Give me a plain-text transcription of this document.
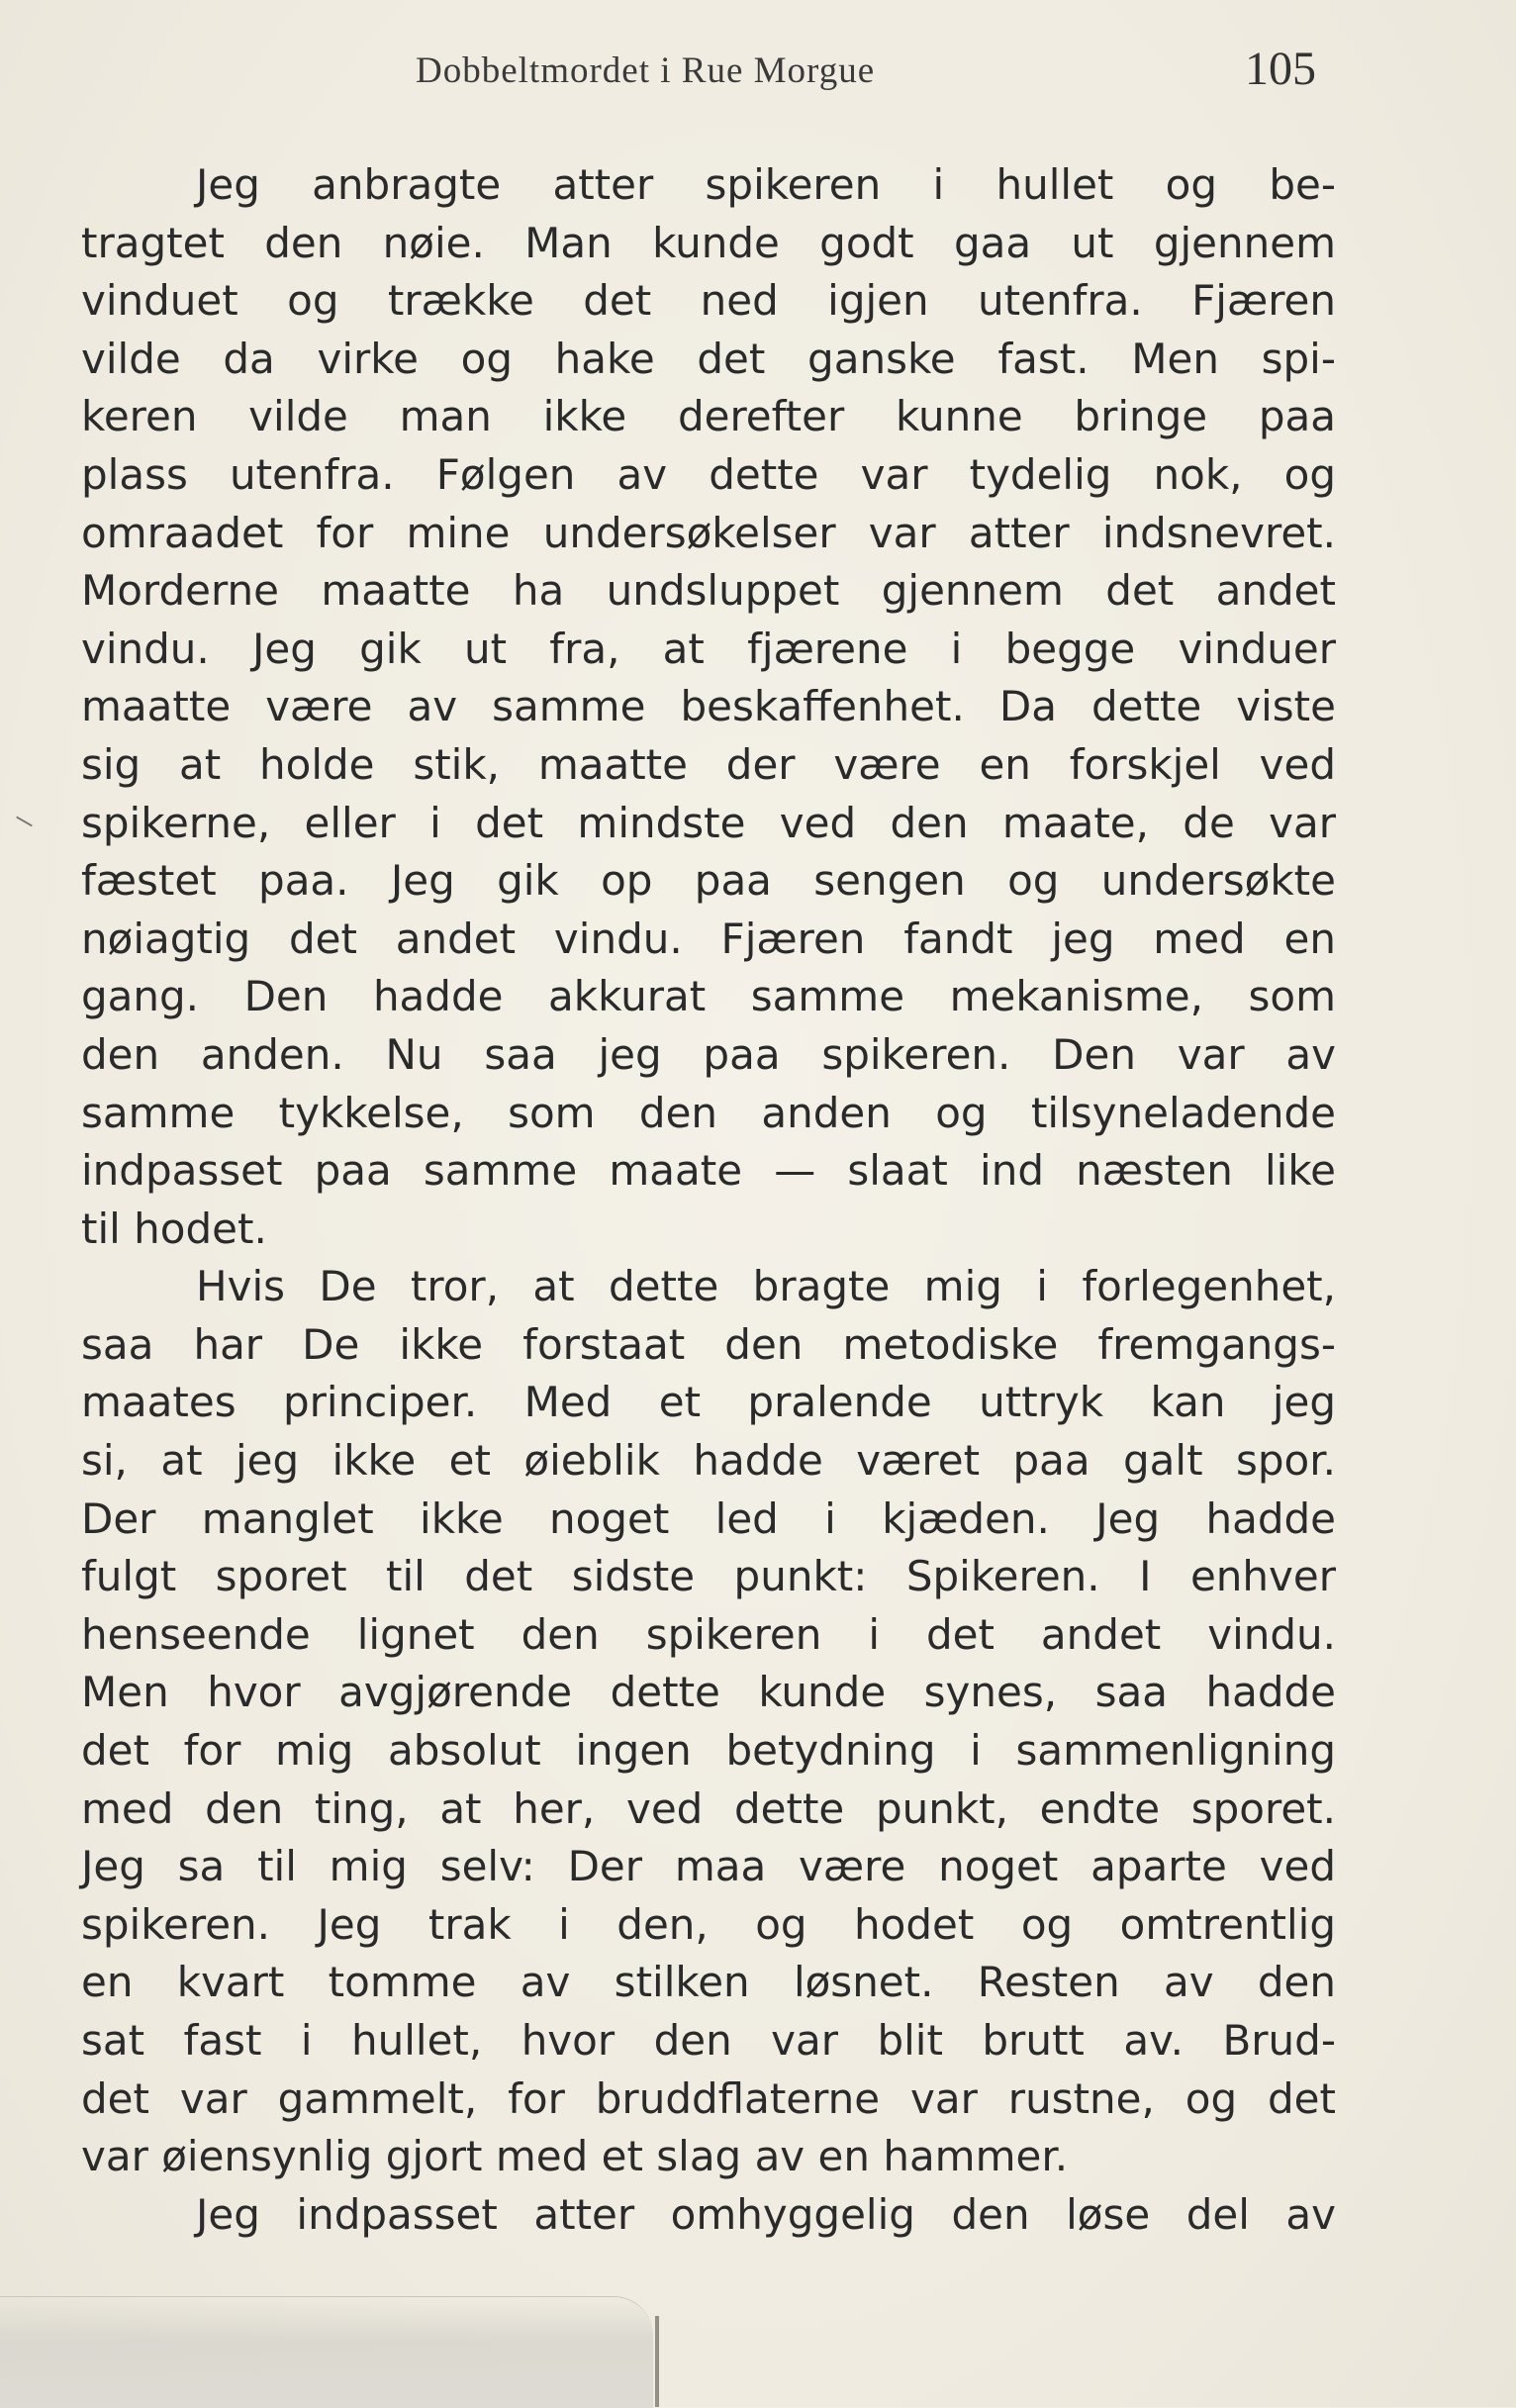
Dobbeltmordet i Rue Morgue	105
Jeg anbragte atter spikeren i hullet og be-
tragtet den nøie. Man kunde godt gaa ut gjennem
vinduet og trække det ned igjen utenfra. Fjæren
vilde da virke og hake det ganske fast. Men spi-
keren vilde man ikke derefter kunne bringe paa
plass utenfra. Følgen av dette var tydelig nok, og
omraadet for mine undersøkelser var atter indsnevret.
Morderne maatte ha undsluppet gjennem det andet
vindu. Jeg gik ut fra, at fjærene i begge vinduer
maatte være av samme beskaffenhet. Da dette viste
sig at holde stik, maatte der være en forskjel ved
spikerne, eller i det mindste ved den maate, de var
fæstet paa. Jeg gik op paa sengen og undersøkte
nøiagtig det andet vindu. Fjæren fandt jeg med en
gang. Den hadde akkurat samme mekanisme, som
den anden. Nu saa jeg paa spikeren. Den var av
samme tykkelse, som den anden og tilsyneladende
indpasset paa samme maate — slaat ind næsten like
til hodet.
Hvis De tror, at dette bragte mig i forlegenhet,
saa har De ikke forstaat den metodiske fremgangs-
maates principer. Med et pralende uttryk kan jeg
si, at jeg ikke et øieblik hadde været paa galt spor.
Der manglet ikke noget led i kjæden. Jeg hadde
fulgt sporet til det sidste punkt: Spikeren. I enhver
henseende lignet den spikeren i det andet vindu.
Men hvor avgjørende dette kunde synes, saa hadde
det for mig absolut ingen betydning i sammenligning
med den ting, at her, ved dette punkt, endte sporet.
Jeg sa til mig selv: Der maa være noget aparte ved
spikeren. Jeg trak i den, og hodet og omtrentlig
en kvart tomme av stilken løsnet. Resten av den
sat fast i hullet, hvor den var blit brutt av. Brud-
det var gammelt, for bruddflaterne var rustne, og det
var øiensynlig gjort med et slag av en hammer.
Jeg indpasset atter omhyggelig den løse del av
